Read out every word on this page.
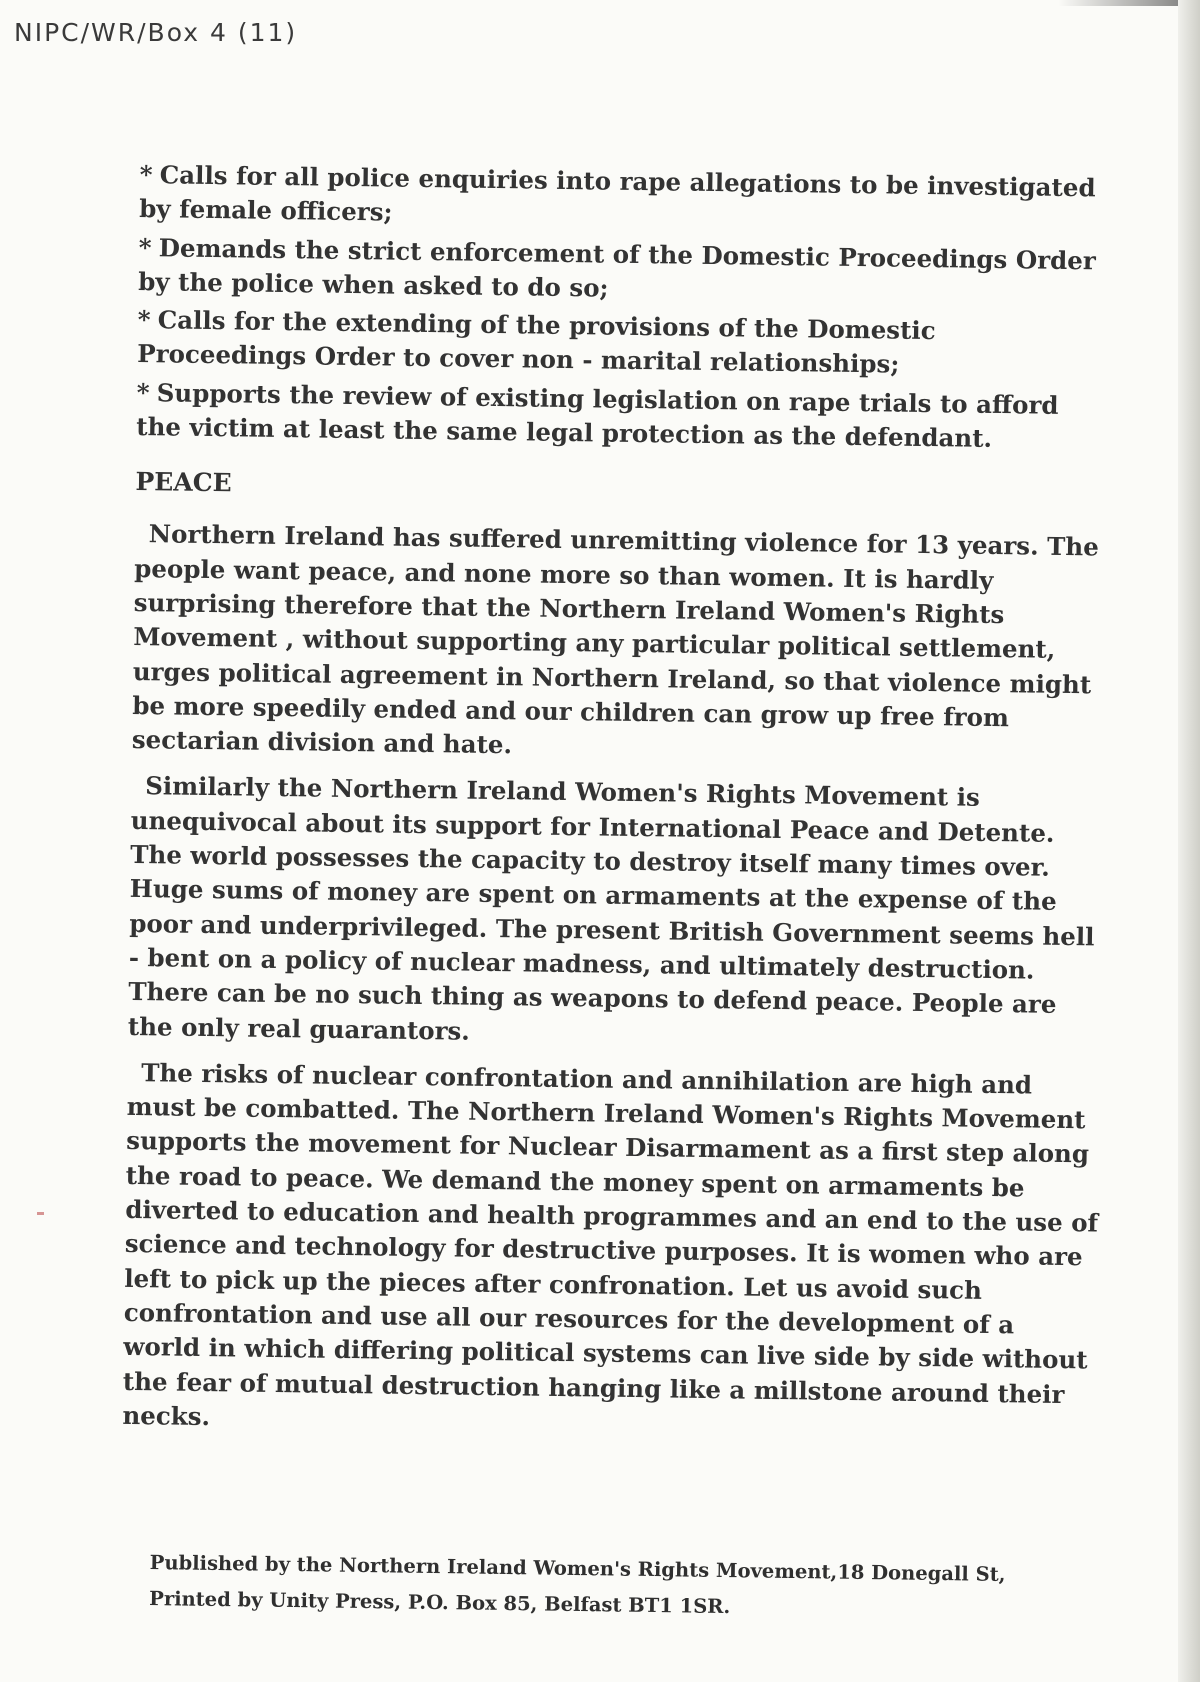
NIPC/WR/Box 4 (11)
* Calls for all police enquiries into rape allegations to be investigated by female officers;
* Demands the strict enforcement of the Domestic Proceedings Order by the police when asked to do so;
* Calls for the extending of the provisions of the Domestic Proceedings Order to cover non - marital relationships;
* Supports the review of existing legislation on rape trials to afford the victim at least the same legal protection as the defendant.
PEACE

Northern Ireland has suffered unremitting violence for 13 years. The people want peace, and none more so than women. It is hardly surprising therefore that the Northern Ireland Women's Rights Movement , without supporting any particular political settlement, urges political agreement in Northern Ireland, so that violence might be more speedily ended and our children can grow up free from sectarian division and hate.

Similarly the Northern Ireland Women's Rights Movement is unequivocal about its support for International Peace and Detente. The world possesses the capacity to destroy itself many times over. Huge sums of money are spent on armaments at the expense of the poor and underprivileged. The present British Government seems hell - bent on a policy of nuclear madness, and ultimately destruction. There can be no such thing as weapons to defend peace. People are the only real guarantors.

The risks of nuclear confrontation and annihilation are high and must be combatted. The Northern Ireland Women's Rights Movement supports the movement for Nuclear Disarmament as a first step along the road to peace. We demand the money spent on armaments be diverted to education and health programmes and an end to the use of science and technology for destructive purposes. It is women who are left to pick up the pieces after confronation. Let us avoid such confrontation and use all our resources for the development of a world in which differing political systems can live side by side without the fear of mutual destruction hanging like a millstone around their necks.

Published by the Northern Ireland Women's Rights Movement,18 Donegall St,
Printed by Unity Press, P.O. Box 85, Belfast BT1 1SR.
